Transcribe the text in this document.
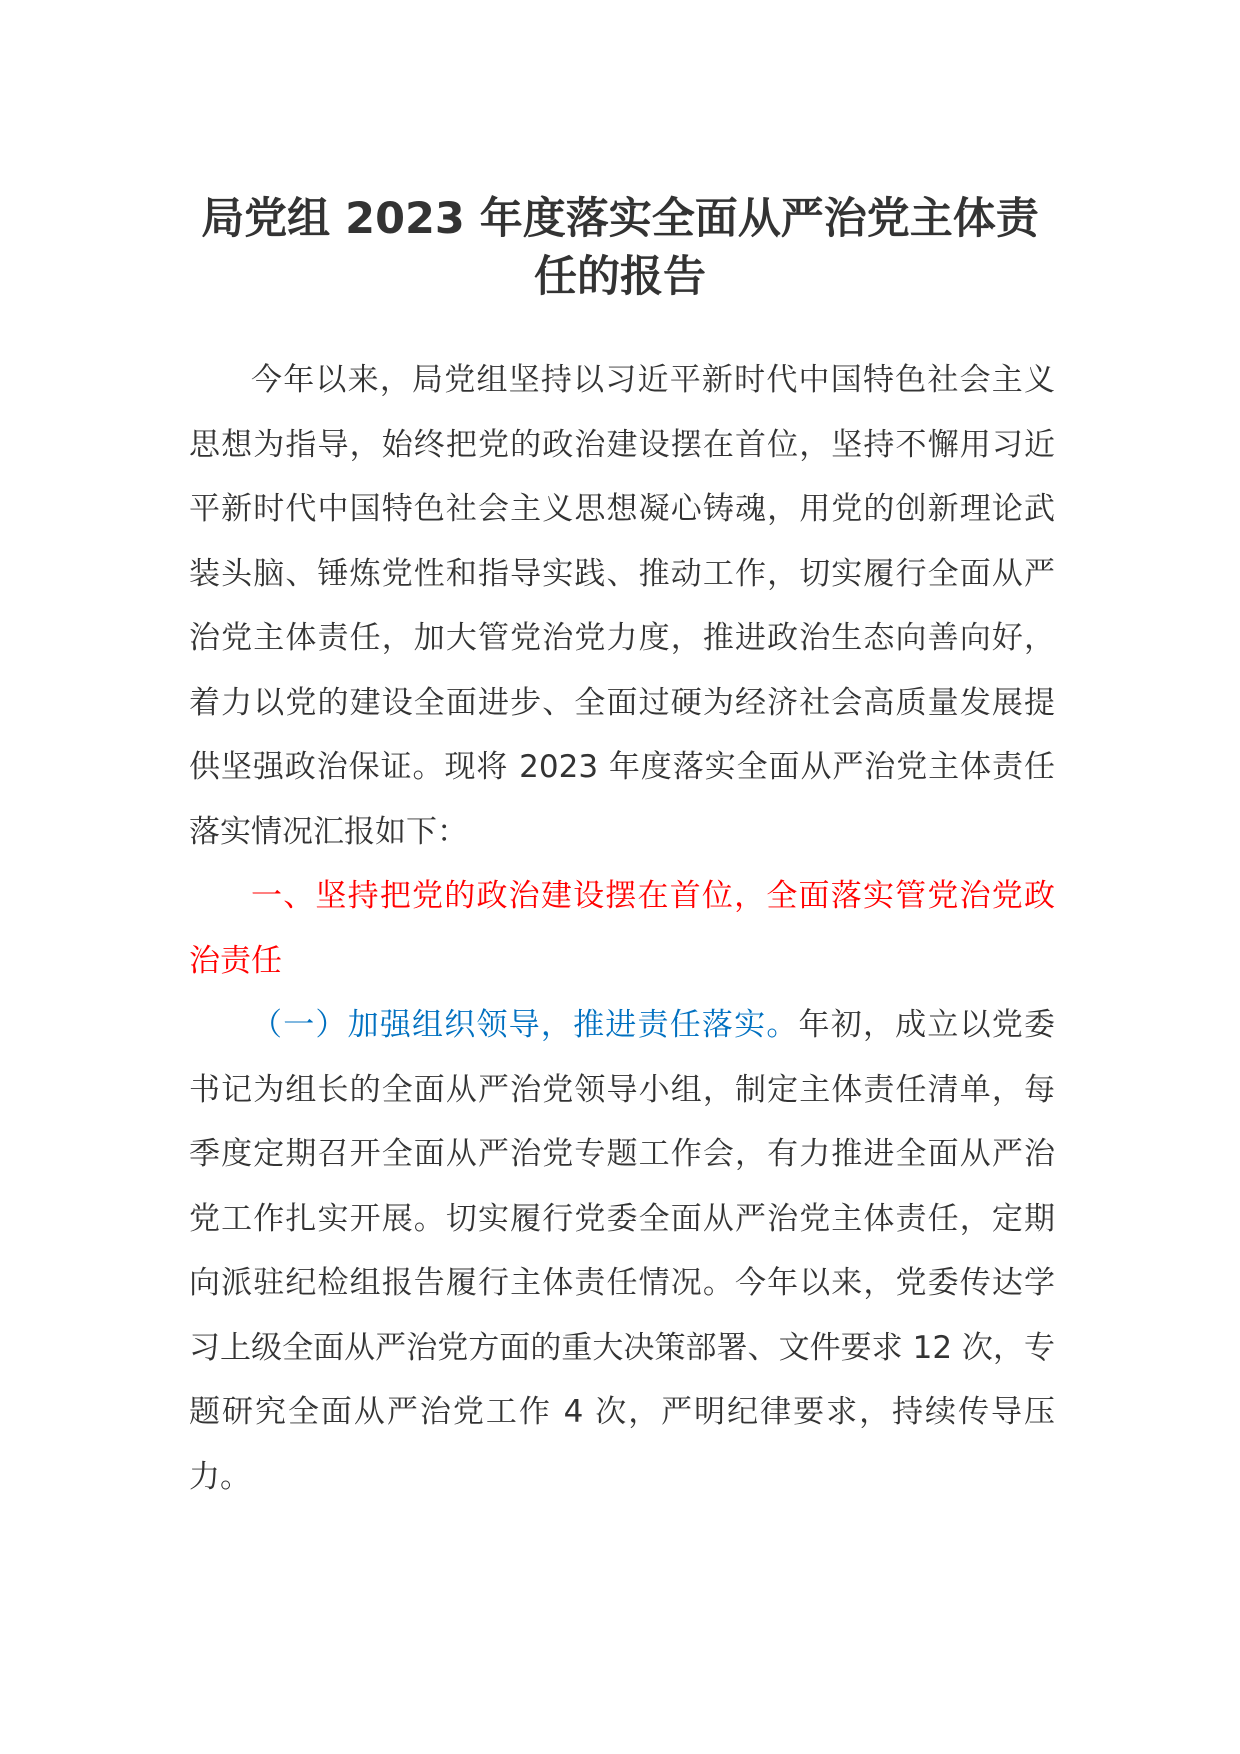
局党组 2023 年度落实全面从严治党主体责任的报告

今年以来，局党组坚持以习近平新时代中国特色社会主义思想为指导，始终把党的政治建设摆在首位，坚持不懈用习近平新时代中国特色社会主义思想凝心铸魂，用党的创新理论武装头脑、锤炼党性和指导实践、推动工作，切实履行全面从严治党主体责任，加大管党治党力度，推进政治生态向善向好，着力以党的建设全面进步、全面过硬为经济社会高质量发展提供坚强政治保证。现将 2023 年度落实全面从严治党主体责任落实情况汇报如下：

一、坚持把党的政治建设摆在首位，全面落实管党治党政治责任

（一）加强组织领导，推进责任落实。年初，成立以党委书记为组长的全面从严治党领导小组，制定主体责任清单，每季度定期召开全面从严治党专题工作会，有力推进全面从严治党工作扎实开展。切实履行党委全面从严治党主体责任，定期向派驻纪检组报告履行主体责任情况。今年以来，党委传达学习上级全面从严治党方面的重大决策部署、文件要求 12 次，专题研究全面从严治党工作 4 次，严明纪律要求，持续传导压力。
